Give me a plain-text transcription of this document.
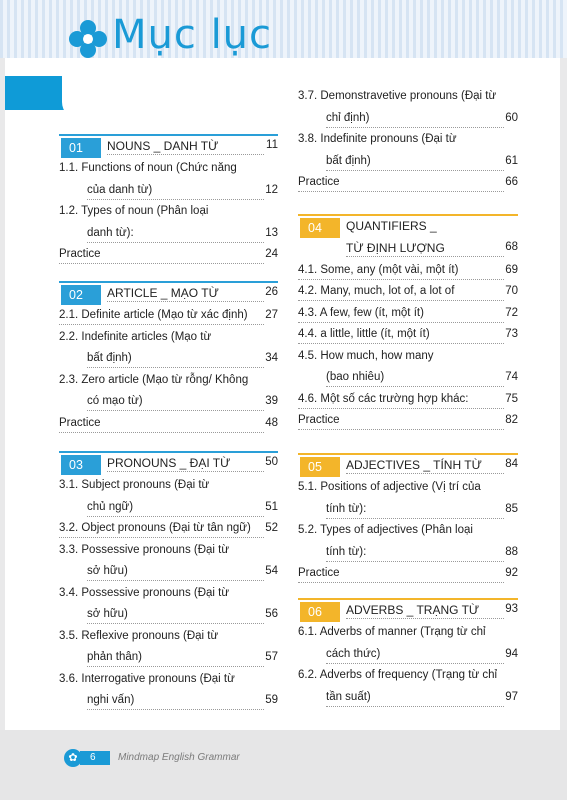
Mục lục
01	NOUNS _ DANH TỪ	11
1.1. Functions of noun (Chức năng
của danh từ)	12
1.2. Types of noun (Phân loại
danh từ):	13
Practice	24
02	ARTICLE _ MẠO TỪ	26
2.1. Definite article (Mạo từ xác định) 27
2.2. Indefinite articles (Mạo từ
bất định)	34
2.3. Zero article (Mạo từ rỗng/ Không
có mạo từ)	39
Practice	48
03	PRONOUNS _ ĐẠI TỪ	50
3.1. Subject pronouns (Đại từ
chủ ngữ)	51
3.2. Object pronouns (Đại từ tân ngữ) 52
3.3. Possessive pronouns (Đại từ
sở hữu)	54
3.4. Possessive pronouns (Đại từ
sở hữu)	56
3.5. Reflexive pronouns (Đại từ
phản thân)	57
3.6. Interrogative pronouns (Đại từ
nghi vấn)	59
3.7. Demonstravetive pronouns (Đại từ
chỉ định)	60
3.8. Indefinite pronouns (Đại từ
bất định)	61
Practice	66
04	QUANTIFIERS _
TỪ ĐỊNH LƯỢNG	68
4.1. Some, any (một vài, một ít)	69
4.2. Many, much, lot of, a lot of	70
4.3. A few, few (ít, một ít)	72
4.4. a little, little (ít, một ít)	73
4.5. How much, how many
(bao nhiêu)	74
4.6. Một số các trường hợp khác:	75
Practice	82
05	ADJECTIVES _ TÍNH TỪ 84
5.1. Positions of adjective (Vị trí của
tính từ):	85
5.2. Types of adjectives (Phân loại
tính từ):	88
Practice	92
06	ADVERBS _ TRẠNG TỪ 93
6.1. Adverbs of manner (Trạng từ chỉ
cách thức)	94
6.2. Adverbs of frequency (Trạng từ chỉ
tần suất)	97
✿	6	Mindmap English Grammar
